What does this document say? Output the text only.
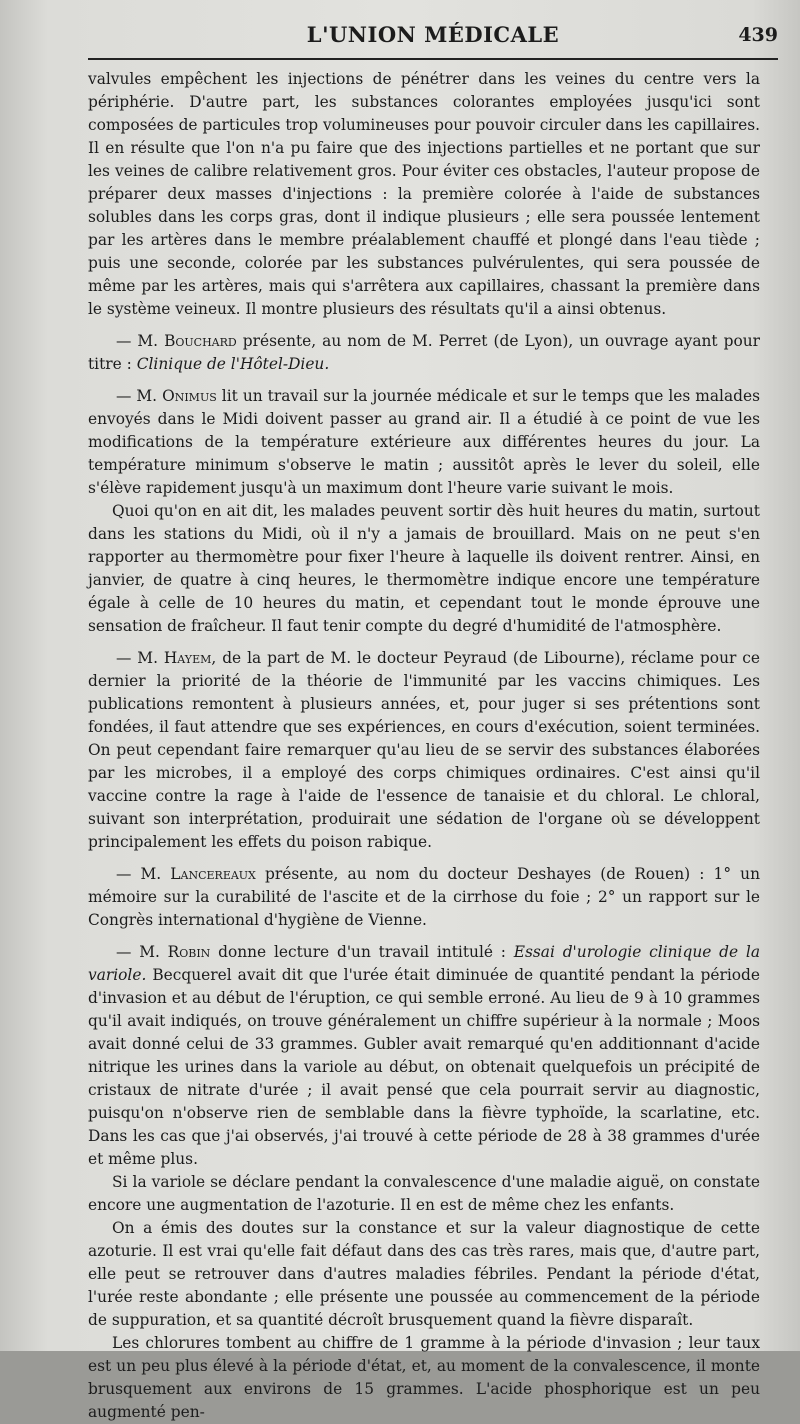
L'UNION MÉDICALE	439

valvules empêchent les injections de pénétrer dans les veines du centre vers la périphérie. D'autre part, les substances colorantes employées jusqu'ici sont composées de particules trop volumineuses pour pouvoir circuler dans les capillaires. Il en résulte que l'on n'a pu faire que des injections partielles et ne portant que sur les veines de calibre relativement gros. Pour éviter ces obstacles, l'auteur propose de préparer deux masses d'injections : la première colorée à l'aide de substances solubles dans les corps gras, dont il indique plusieurs ; elle sera poussée lentement par les artères dans le membre préalablement chauffé et plongé dans l'eau tiède ; puis une seconde, colorée par les substances pulvérulentes, qui sera poussée de même par les artères, mais qui s'arrêtera aux capillaires, chassant la première dans le système veineux. Il montre plusieurs des résultats qu'il a ainsi obtenus.

— M. Bouchard présente, au nom de M. Perret (de Lyon), un ouvrage ayant pour titre : Clinique de l'Hôtel-Dieu.

— M. Onimus lit un travail sur la journée médicale et sur le temps que les malades envoyés dans le Midi doivent passer au grand air. Il a étudié à ce point de vue les modifications de la température extérieure aux différentes heures du jour. La température minimum s'observe le matin ; aussitôt après le lever du soleil, elle s'élève rapidement jusqu'à un maximum dont l'heure varie suivant le mois.

Quoi qu'on en ait dit, les malades peuvent sortir dès huit heures du matin, surtout dans les stations du Midi, où il n'y a jamais de brouillard. Mais on ne peut s'en rapporter au thermomètre pour fixer l'heure à laquelle ils doivent rentrer. Ainsi, en janvier, de quatre à cinq heures, le thermomètre indique encore une température égale à celle de 10 heures du matin, et cependant tout le monde éprouve une sensation de fraîcheur. Il faut tenir compte du degré d'humidité de l'atmosphère.

— M. Hayem, de la part de M. le docteur Peyraud (de Libourne), réclame pour ce dernier la priorité de la théorie de l'immunité par les vaccins chimiques. Les publications remontent à plusieurs années, et, pour juger si ses prétentions sont fondées, il faut attendre que ses expériences, en cours d'exécution, soient terminées. On peut cependant faire remarquer qu'au lieu de se servir des substances élaborées par les microbes, il a employé des corps chimiques ordinaires. C'est ainsi qu'il vaccine contre la rage à l'aide de l'essence de tanaisie et du chloral. Le chloral, suivant son interprétation, produirait une sédation de l'organe où se développent principalement les effets du poison rabique.

— M. Lancereaux présente, au nom du docteur Deshayes (de Rouen) : 1° un mémoire sur la curabilité de l'ascite et de la cirrhose du foie ; 2° un rapport sur le Congrès international d'hygiène de Vienne.

— M. Robin donne lecture d'un travail intitulé : Essai d'urologie clinique de la variole. Becquerel avait dit que l'urée était diminuée de quantité pendant la période d'invasion et au début de l'éruption, ce qui semble erroné. Au lieu de 9 à 10 grammes qu'il avait indiqués, on trouve généralement un chiffre supérieur à la normale ; Moos avait donné celui de 33 grammes. Gubler avait remarqué qu'en additionnant d'acide nitrique les urines dans la variole au début, on obtenait quelquefois un précipité de cristaux de nitrate d'urée ; il avait pensé que cela pourrait servir au diagnostic, puisqu'on n'observe rien de semblable dans la fièvre typhoïde, la scarlatine, etc. Dans les cas que j'ai observés, j'ai trouvé à cette période de 28 à 38 grammes d'urée et même plus.

Si la variole se déclare pendant la convalescence d'une maladie aiguë, on constate encore une augmentation de l'azoturie. Il en est de même chez les enfants.

On a émis des doutes sur la constance et sur la valeur diagnostique de cette azoturie. Il est vrai qu'elle fait défaut dans des cas très rares, mais que, d'autre part, elle peut se retrouver dans d'autres maladies fébriles. Pendant la période d'état, l'urée reste abondante ; elle présente une poussée au commencement de la période de suppuration, et sa quantité décroît brusquement quand la fièvre disparaît.

Les chlorures tombent au chiffre de 1 gramme à la période d'invasion ; leur taux est un peu plus élevé à la période d'état, et, au moment de la convalescence, il monte brusquement aux environs de 15 grammes. L'acide phosphorique est un peu augmenté pen-
